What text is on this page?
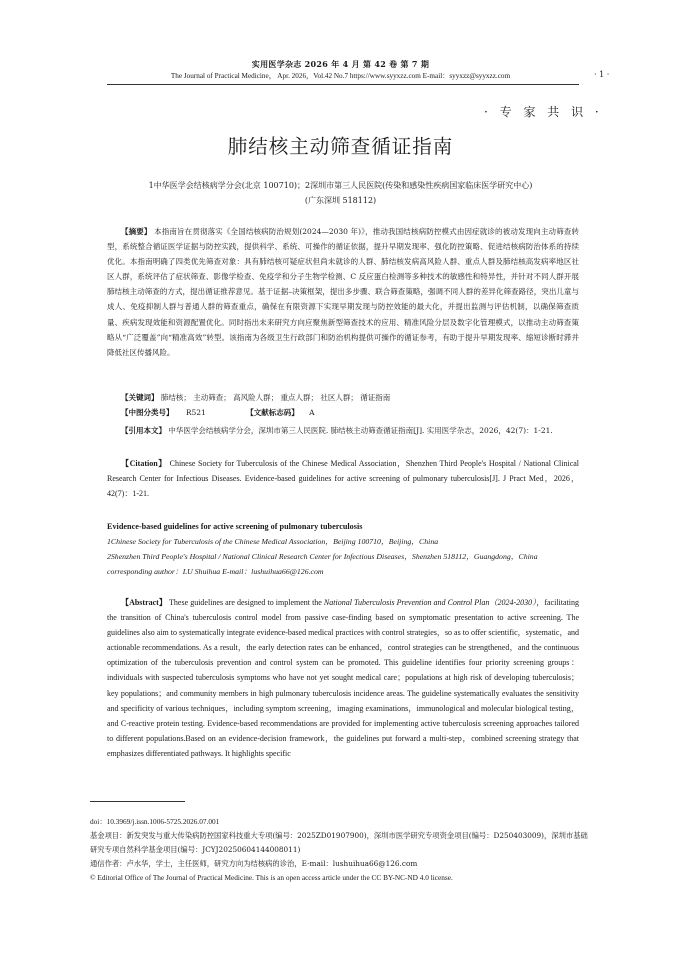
实用医学杂志 2026 年 4 月 第 42 卷 第 7 期
The Journal of Practical Medicine， Apr. 2026，Vol.42 No.7 https://www.syyxzz.com E-mail：syyxzz@syyxzz.com	· 1 ·
· 专 家 共 识 ·
肺结核主动筛查循证指南
1中华医学会结核病学分会(北京 100710)；2深圳市第三人民医院(传染和感染性疾病国家临床医学研究中心)
(广东深圳 518112)
【摘要】 本指南旨在贯彻落实《全国结核病防治规划(2024—2030 年)》，推动我国结核病防控模式由因症就诊的被动发现向主动筛查转型，系统整合循证医学证据与防控实践，提供科学、系统、可操作的循证依据，提升早期发现率、强化防控策略、促进结核病防治体系的持续优化。本指南明确了四类优先筛查对象：具有肺结核可疑症状但尚未就诊的人群、肺结核发病高风险人群、重点人群及肺结核高发病率地区社区人群，系统评估了症状筛查、影像学检查、免疫学和分子生物学检测、C 反应蛋白检测等多种技术的敏感性和特异性，并针对不同人群开展肺结核主动筛查的方式，提出循证推荐意见。基于证据–决策框架，提出多步骤、联合筛查策略，强调不同人群的差异化筛查路径，突出儿童与成人、免疫抑制人群与普通人群的筛查重点，确保在有限资源下实现早期发现与防控效能的最大化，并提出监测与评估机制，以确保筛查质量、疾病发现效能和资源配置优化。同时指出未来研究方向应聚焦新型筛查技术的应用、精准风险分层及数字化管理模式，以推动主动筛查策略从“广泛覆盖”向“精准高效”转型。该指南为各级卫生行政部门和防治机构提供可操作的循证参考，有助于提升早期发现率、缩短诊断时滞并降低社区传播风险。
【关键词】 肺结核； 主动筛查； 高风险人群； 重点人群； 社区人群； 循证指南
【中图分类号】 R521	【文献标志码】 A
【引用本文】 中华医学会结核病学分会，深圳市第三人民医院. 肺结核主动筛查循证指南[J]. 实用医学杂志，2026，42(7)：1-21.
【Citation】 Chinese Society for Tuberculosis of the Chinese Medical Association，Shenzhen Third People's Hospital / National Clinical Research Center for Infectious Diseases. Evidence-based guidelines for active screening of pulmonary tuberculosis[J]. J Pract Med，2026，42(7)：1-21.
Evidence-based guidelines for active screening of pulmonary tuberculosis
1Chinese Society for Tuberculosis of the Chinese Medical Association，Beijing 100710，Beijing，China
2Shenzhen Third People's Hospital / National Clinical Research Center for Infectious Diseases，Shenzhen 518112，Guangdong，China
corresponding author：LU Shuihua E-mail：lushuihua66@126.com
【Abstract】 These guidelines are designed to implement the National Tuberculosis Prevention and Control Plan（2024-2030），facilitating the transition of China's tuberculosis control model from passive case-finding based on symptomatic presentation to active screening. The guidelines also aim to systematically integrate evidence-based medical practices with control strategies，so as to offer scientific，systematic，and actionable recommendations. As a result，the early detection rates can be enhanced，control strategies can be strengthened，and the continuous optimization of the tuberculosis prevention and control system can be promoted. This guideline identifies four priority screening groups：individuals with suspected tuberculosis symptoms who have not yet sought medical care；populations at high risk of developing tuberculosis；key populations；and community members in high pulmonary tuberculosis incidence areas. The guideline systematically evaluates the sensitivity and specificity of various techniques，including symptom screening，imaging examinations，immunological and molecular biological testing，and C-reactive protein testing. Evidence-based recommendations are provided for implementing active tuberculosis screening approaches tailored to different populations.Based on an evidence-decision framework，the guidelines put forward a multi-step，combined screening strategy that emphasizes differentiated pathways. It highlights specific
doi：10.3969/j.issn.1006-5725.2026.07.001
基金项目：新发突发与重大传染病防控国家科技重大专项(编号：2025ZD01907900)，深圳市医学研究专项资金项目(编号：D250403009)，深圳市基础研究专项自然科学基金项目(编号：JCYJ20250604144008011)
通信作者：卢水华，学士，主任医师，研究方向为结核病的诊治，E-mail：lushuihua66@126.com
© Editorial Office of The Journal of Practical Medicine. This is an open access article under the CC BY-NC-ND 4.0 license.
